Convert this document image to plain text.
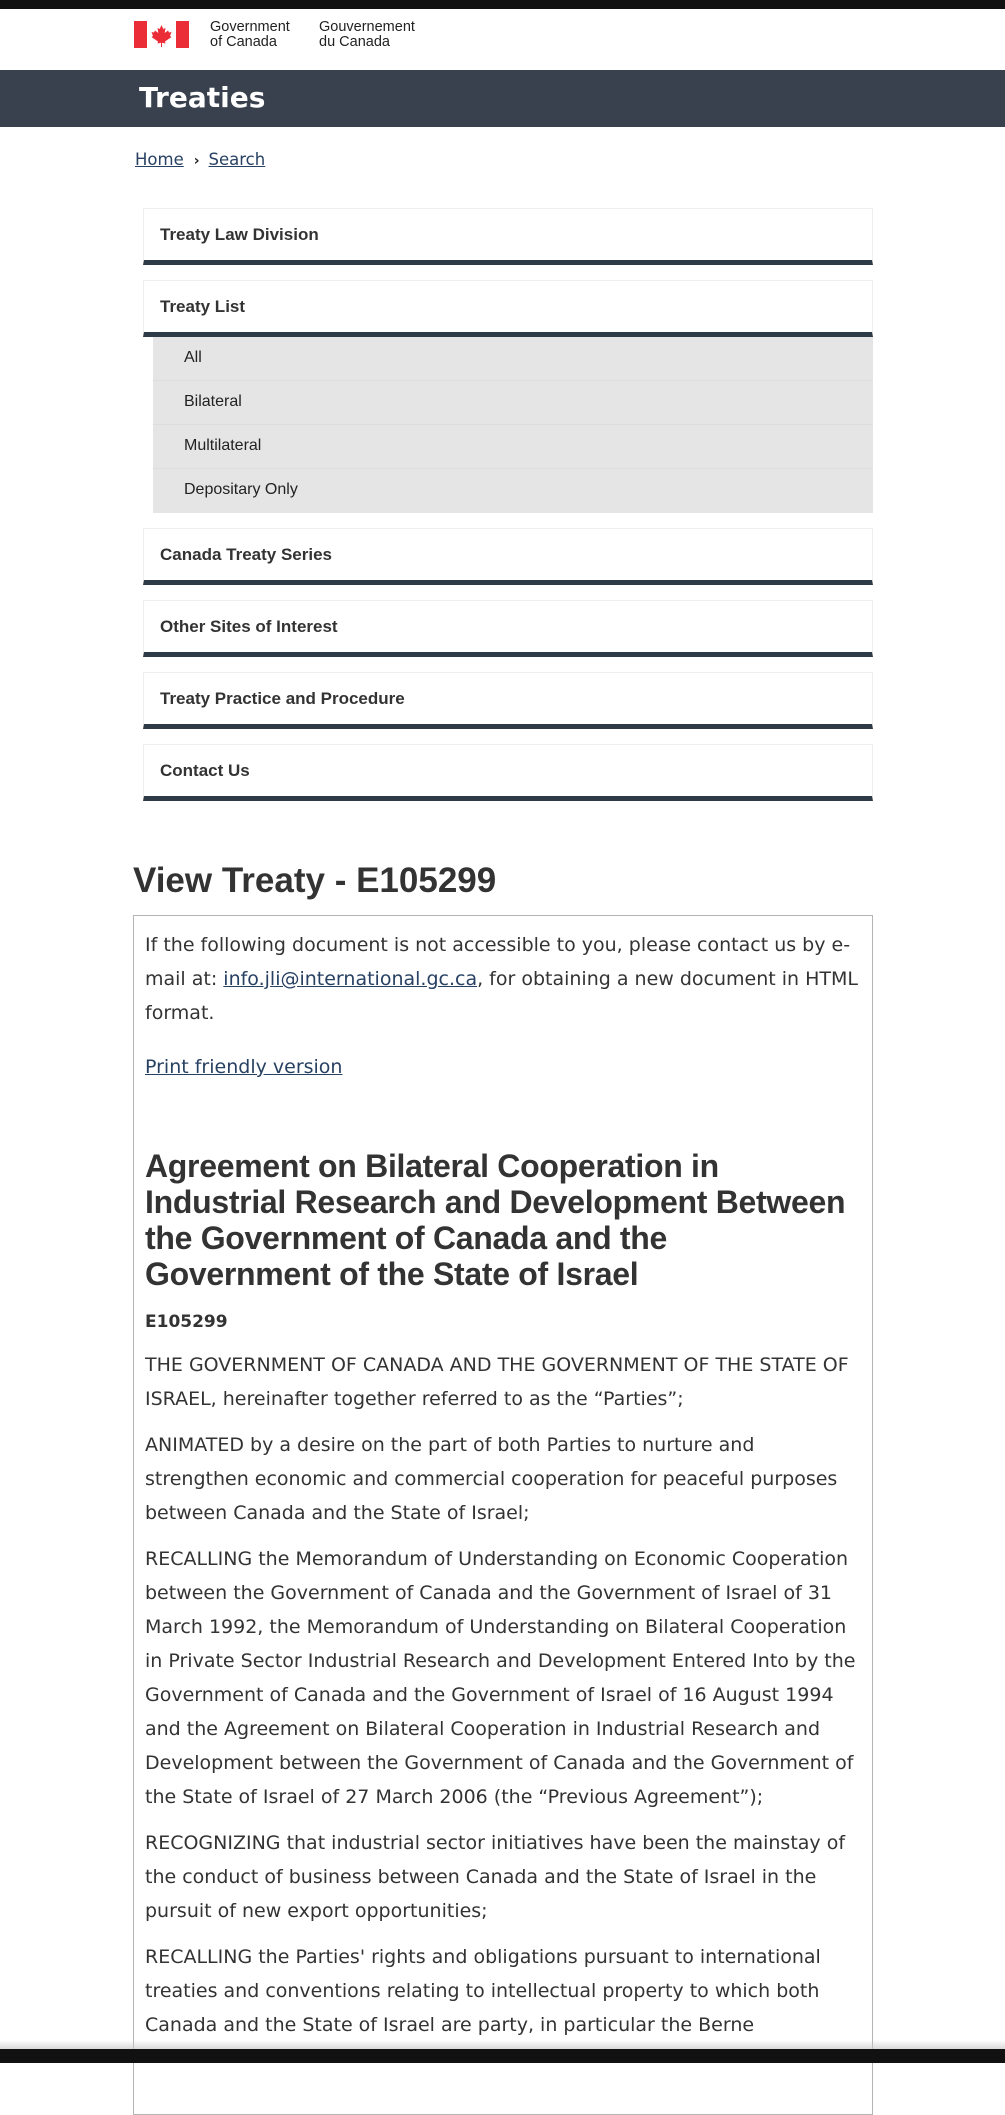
Government
of Canada
Gouvernement
du Canada
Treaties
Home › Search
Treaty Law Division
Treaty List
All
Bilateral
Multilateral
Depositary Only
Canada Treaty Series
Other Sites of Interest
Treaty Practice and Procedure
Contact Us
View Treaty - E105299

If the following document is not accessible to you, please contact us by e-mail at: info.jli@international.gc.ca, for obtaining a new document in HTML format.

Print friendly version

Agreement on Bilateral Cooperation in Industrial Research and Development Between the Government of Canada and the Government of the State of Israel

E105299

THE GOVERNMENT OF CANADA AND THE GOVERNMENT OF THE STATE OF ISRAEL, hereinafter together referred to as the “Parties”;

ANIMATED by a desire on the part of both Parties to nurture and strengthen economic and commercial cooperation for peaceful purposes between Canada and the State of Israel;

RECALLING the Memorandum of Understanding on Economic Cooperation between the Government of Canada and the Government of Israel of 31 March 1992, the Memorandum of Understanding on Bilateral Cooperation in Private Sector Industrial Research and Development Entered Into by the Government of Canada and the Government of Israel of 16 August 1994 and the Agreement on Bilateral Cooperation in Industrial Research and Development between the Government of Canada and the Government of the State of Israel of 27 March 2006 (the “Previous Agreement”);

RECOGNIZING that industrial sector initiatives have been the mainstay of the conduct of business between Canada and the State of Israel in the pursuit of new export opportunities;

RECALLING the Parties' rights and obligations pursuant to international treaties and conventions relating to intellectual property to which both Canada and the State of Israel are party, in particular the Berne
